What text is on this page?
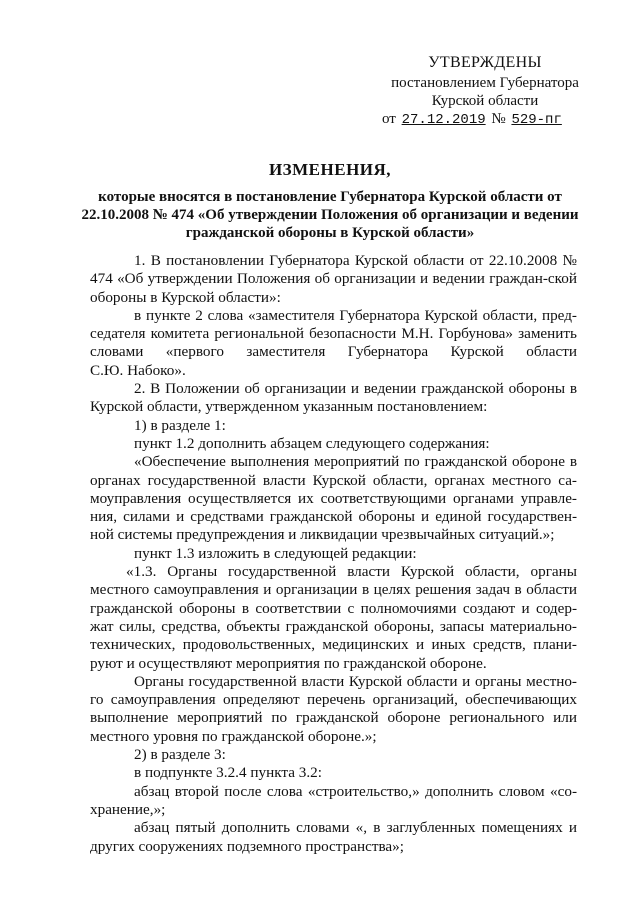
УТВЕРЖДЕНЫ
постановлением Губернатора
Курской области
от 27.12.2019 № 529-пг
ИЗМЕНЕНИЯ,
которые вносятся в постановление Губернатора Курской области от 22.10.2008 № 474 «Об утверждении Положения об организации и ведении гражданской обороны в Курской области»

1. В постановлении Губернатора Курской области от 22.10.2008 № 474 «Об утверждении Положения об организации и ведении граждан-ской обороны в Курской области»:

в пункте 2 слова «заместителя Губернатора Курской области, пред-седателя комитета региональной безопасности М.Н. Горбунова» заменить словами «первого заместителя Губернатора Курской области

С.Ю. Набоко».

2. В Положении об организации и ведении гражданской обороны в Курской области, утвержденном указанным постановлением:

1) в разделе 1:

пункт 1.2 дополнить абзацем следующего содержания:

«Обеспечение выполнения мероприятий по гражданской обороне в органах государственной власти Курской области, органах местного са-моуправления осуществляется их соответствующими органами управле-ния, силами и средствами гражданской обороны и единой государствен-ной системы предупреждения и ликвидации чрезвычайных ситуаций.»;

пункт 1.3 изложить в следующей редакции:

«1.3. Органы государственной власти Курской области, органы местного самоуправления и организации в целях решения задач в области гражданской обороны в соответствии с полномочиями создают и содер-жат силы, средства, объекты гражданской обороны, запасы материально-технических, продовольственных, медицинских и иных средств, плани-руют и осуществляют мероприятия по гражданской обороне.

Органы государственной власти Курской области и органы местно-го самоуправления определяют перечень организаций, обеспечивающих выполнение мероприятий по гражданской обороне регионального или местного уровня по гражданской обороне.»;

2) в разделе 3:

в подпункте 3.2.4 пункта 3.2:

абзац второй после слова «строительство,» дополнить словом «со-хранение,»;

абзац пятый дополнить словами «, в заглубленных помещениях и других сооружениях подземного пространства»;
